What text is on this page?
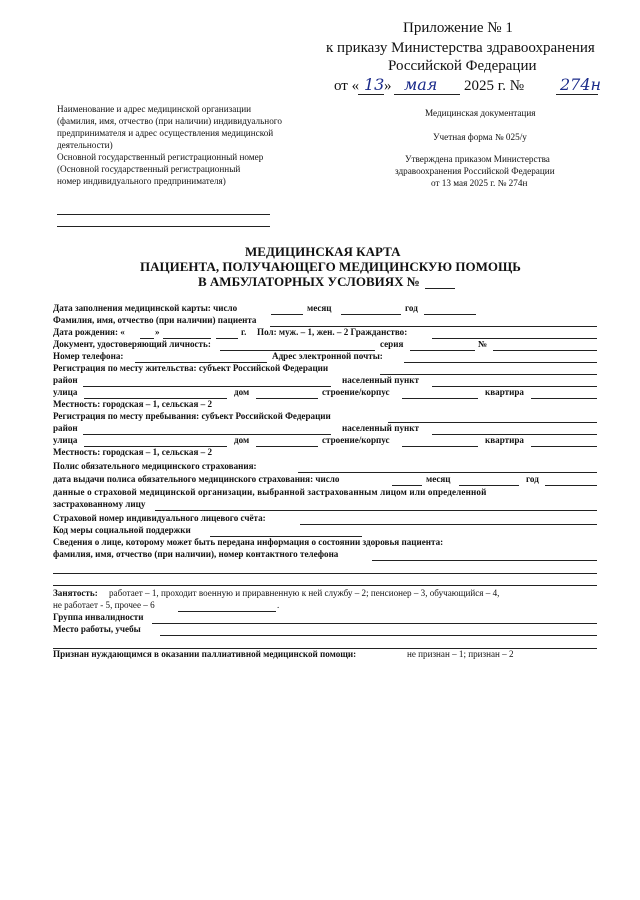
Приложение № 1
к приказу Министерства здравоохранения
Российской Федерации
от « 13 » мая 2025 г. № 274н
Наименование и адрес медицинской организации
(фамилия, имя, отчество (при наличии) индивидуального
предпринимателя и адрес осуществления медицинской
деятельности)
Основной государственный регистрационный номер
(Основной государственный регистрационный
номер индивидуального предпринимателя)
Медицинская документация
Учетная форма № 025/у
Утверждена приказом Министерства
здравоохранения Российской Федерации
от 13 мая 2025 г. № 274н
МЕДИЦИНСКАЯ КАРТА
ПАЦИЕНТА, ПОЛУЧАЮЩЕГО МЕДИЦИНСКУЮ ПОМОЩЬ
В АМБУЛАТОРНЫХ УСЛОВИЯХ №
Дата заполнения медицинской карты: число	месяц	год
Фамилия, имя, отчество (при наличии) пациента
Дата рождения: «	»	г. Пол: муж. – 1, жен. – 2 Гражданство:
Документ, удостоверяющий личность:	серия	№
Номер телефона:	Адрес электронной почты:
Регистрация по месту жительства: субъект Российской Федерации
район	населенный пункт
улица	дом	строение/корпус	квартира
Местность: городская – 1, сельская – 2
Регистрация по месту пребывания: субъект Российской Федерации
район	населенный пункт
улица	дом	строение/корпус	квартира
Местность: городская – 1, сельская – 2
Полис обязательного медицинского страхования:
дата выдачи полиса обязательного медицинского страхования: число	месяц	год
данные о страховой медицинской организации, выбранной застрахованным лицом или определенной
застрахованному лицу
Страховой номер индивидуального лицевого счёта:
Код меры социальной поддержки
Сведения о лице, которому может быть передана информация о состоянии здоровья пациента:
фамилия, имя, отчество (при наличии), номер контактного телефона
Занятость: работает – 1, проходит военную и приравненную к ней службу – 2; пенсионер – 3, обучающийся – 4,
не работает - 5, прочее – 6	.
Группа инвалидности
Место работы, учебы
Признан нуждающимся в оказании паллиативной медицинской помощи:	не признан – 1; признан – 2
